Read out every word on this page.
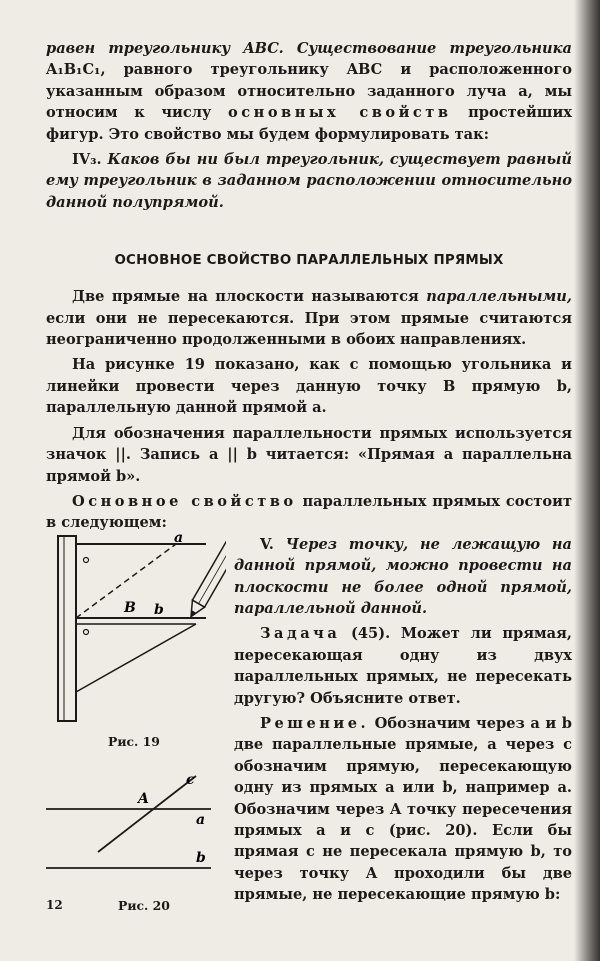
равен треугольнику ABC. Существование треугольника A₁B₁C₁, равного треугольнику ABC и расположенного указанным образом относительно заданного луча a, мы относим к числу основных свойств простейших фигур. Это свойство мы будем формулировать так:

IV₃. Каков бы ни был треугольник, существует равный ему треугольник в заданном расположении относительно данной полупрямой.

ОСНОВНОЕ СВОЙСТВО ПАРАЛЛЕЛЬНЫХ ПРЯМЫХ

Две прямые на плоскости называются параллельными, если они не пересекаются. При этом прямые считаются неограниченно продолженными в обоих направлениях.

На рисунке 19 показано, как с помощью угольника и линейки провести через данную точку B прямую b, параллельную данной прямой a.

Для обозначения параллельности прямых используется значок ||. Запись a || b читается: «Прямая a параллельна прямой b».

Основное свойство параллельных прямых состоит в следующем:

a
B b
Рис. 19
A
c
a
b
Рис. 20

V. Через точку, не лежащую на данной прямой, можно провести на плоскости не более одной прямой, параллельной данной.

Задача (45). Может ли прямая, пересекающая одну из двух параллельных прямых, не пересекать другую? Объясните ответ.

Решение. Обозначим через a и b две параллельные прямые, а через c обозначим прямую, пересекающую одну из прямых a или b, например a. Обозначим через A точку пересечения прямых a и c (рис. 20). Если бы прямая c не пересекала прямую b, то через точку A проходили бы две прямые, не пересекающие прямую b:

12
